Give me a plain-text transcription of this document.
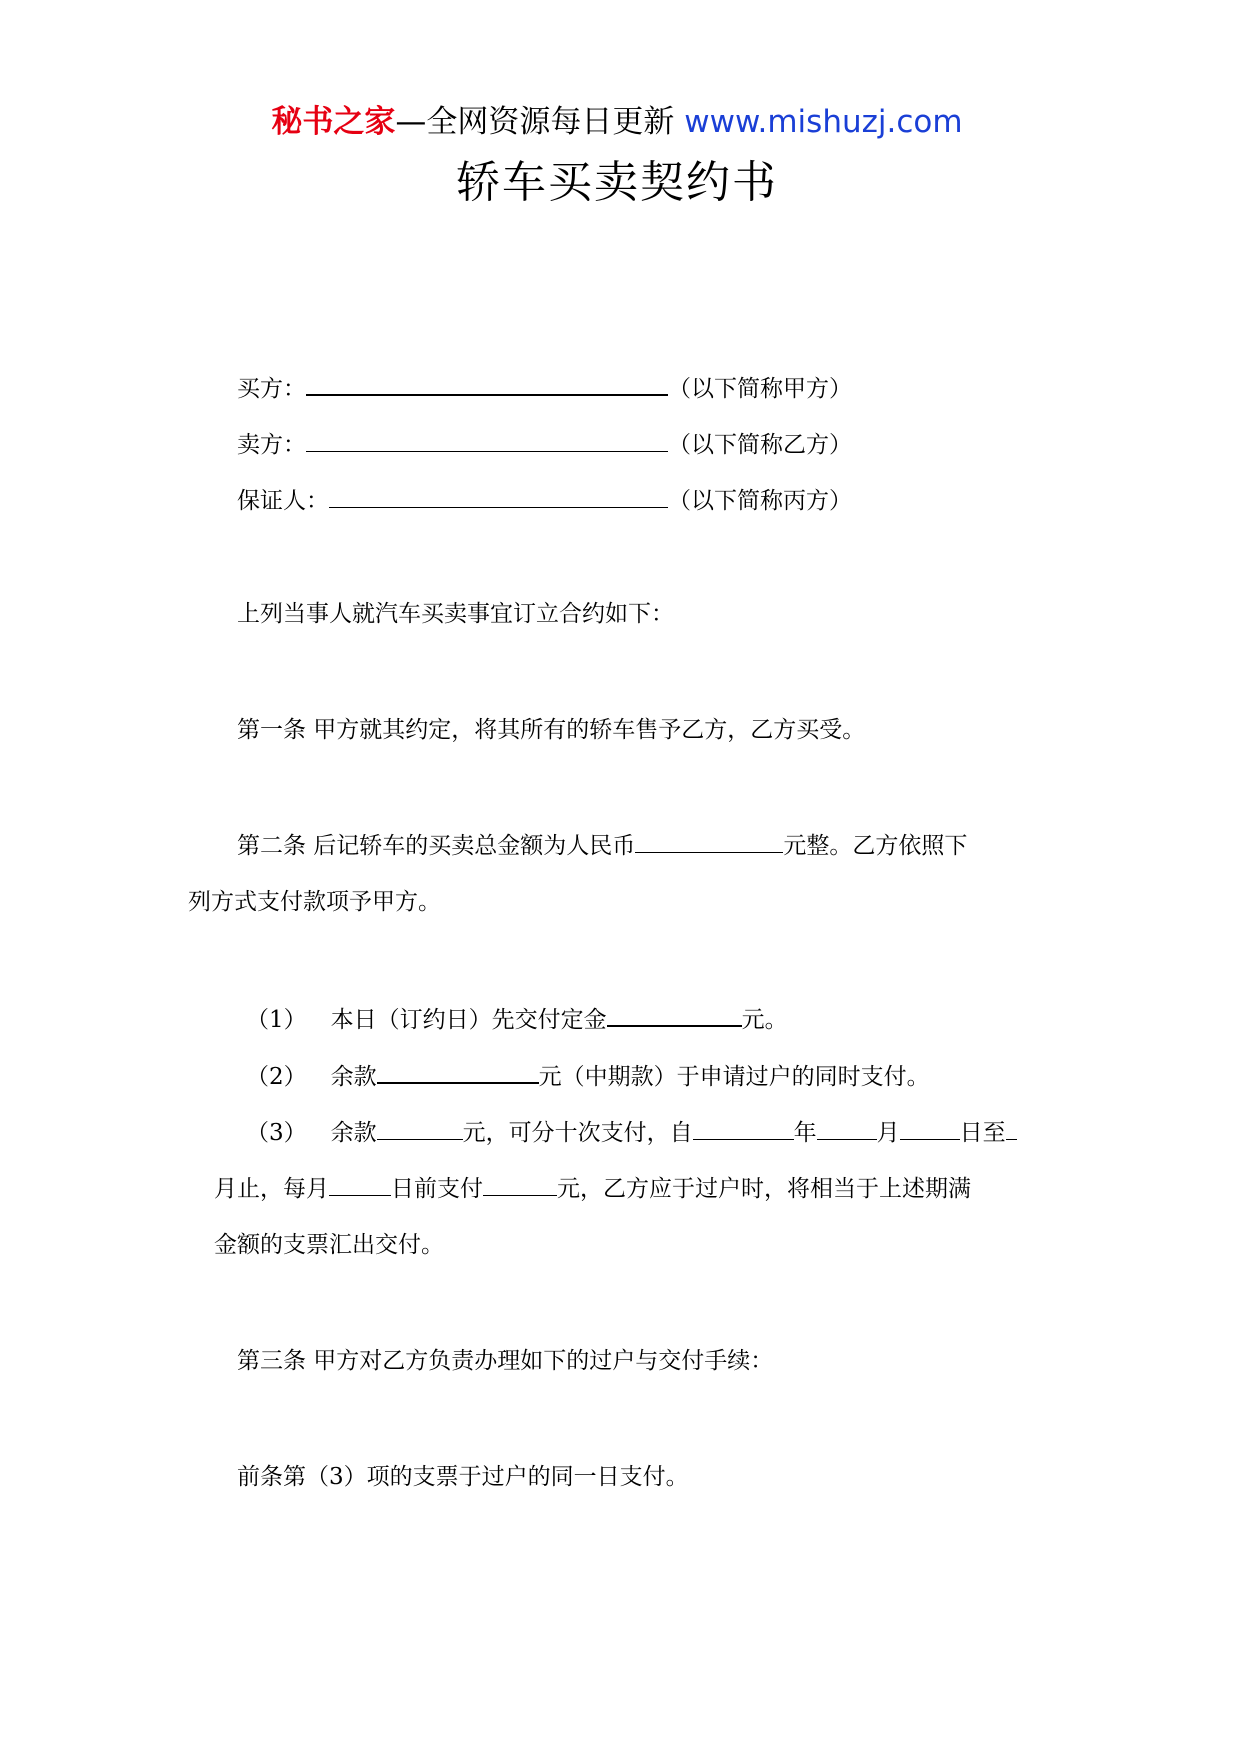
秘书之家—全网资源每日更新 www.mishuzj.com
轿车买卖契约书
买方：	（以下简称甲方）
卖方：	（以下简称乙方）
保证人：	（以下简称丙方）
上列当事人就汽车买卖事宜订立合约如下：
第一条 甲方就其约定，将其所有的轿车售予乙方，乙方买受。
第二条 后记轿车的买卖总金额为人民币	元整。乙方依照下
列方式支付款项予甲方。
（1） 本日（订约日）先交付定金	元。
（2） 余款	元（中期款）于申请过户的同时支付。
（3） 余款	元，可分十次支付，自	年	月	日至
月止，每月	日前支付	元，乙方应于过户时，将相当于上述期满
金额的支票汇出交付。
第三条 甲方对乙方负责办理如下的过户与交付手续：
前条第（3）项的支票于过户的同一日支付。
